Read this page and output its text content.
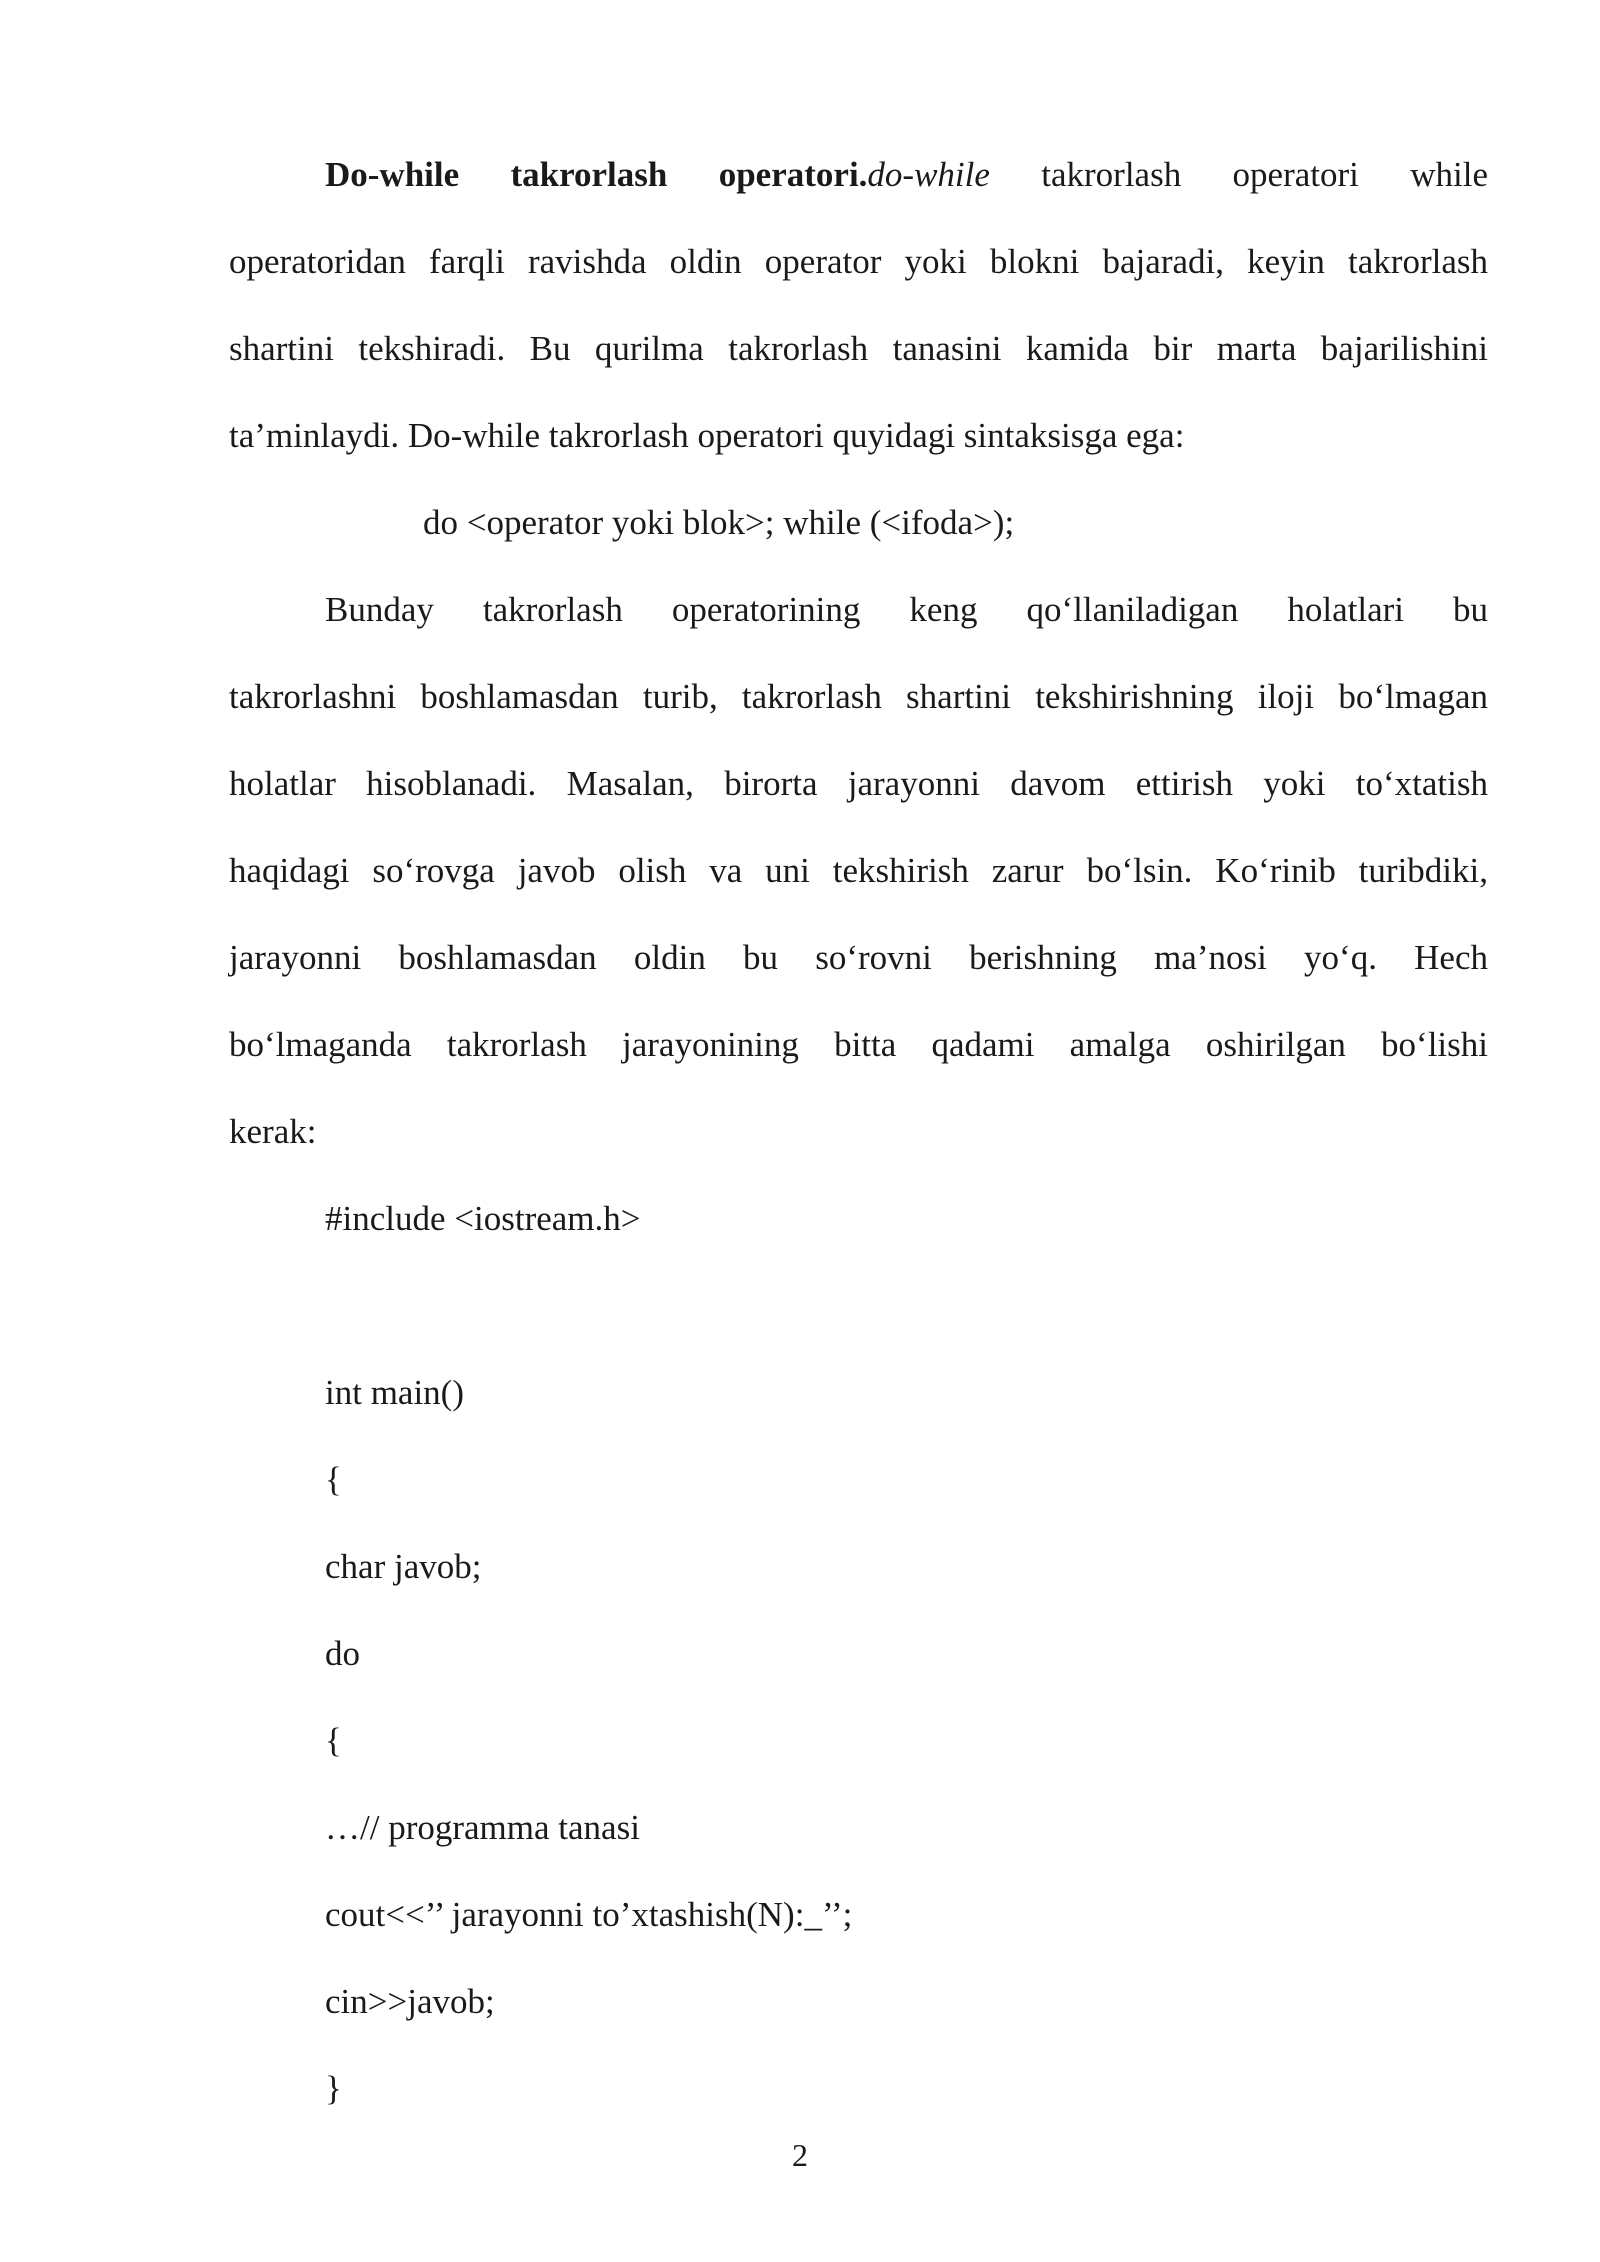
Do-while takrorlash operatori.do-while takrorlash operatori while
operatoridan farqli ravishda oldin operator yoki blokni bajaradi, keyin takrorlash
shartini tekshiradi. Bu qurilma takrorlash tanasini kamida bir marta bajarilishini
ta’minlaydi. Do-while takrorlash operatori quyidagi sintaksisga ega:
do <operator yoki blok>; while (<ifoda>);
Bunday takrorlash operatorining keng qo‘llaniladigan holatlari bu
takrorlashni boshlamasdan turib, takrorlash shartini tekshirishning iloji bo‘lmagan
holatlar hisoblanadi. Masalan, birorta jarayonni davom ettirish yoki to‘xtatish
haqidagi so‘rovga javob olish va uni tekshirish zarur bo‘lsin. Ko‘rinib turibdiki,
jarayonni boshlamasdan oldin bu so‘rovni berishning ma’nosi yo‘q. Hech
bo‘lmaganda takrorlash jarayonining bitta qadami amalga oshirilgan bo‘lishi
kerak:
#include <iostream.h>
int main()
{
char javob;
do
{
…// programma tanasi
cout<<’’ jarayonni to’xtashish(N):_’’;
cin>>javob;
}
2
